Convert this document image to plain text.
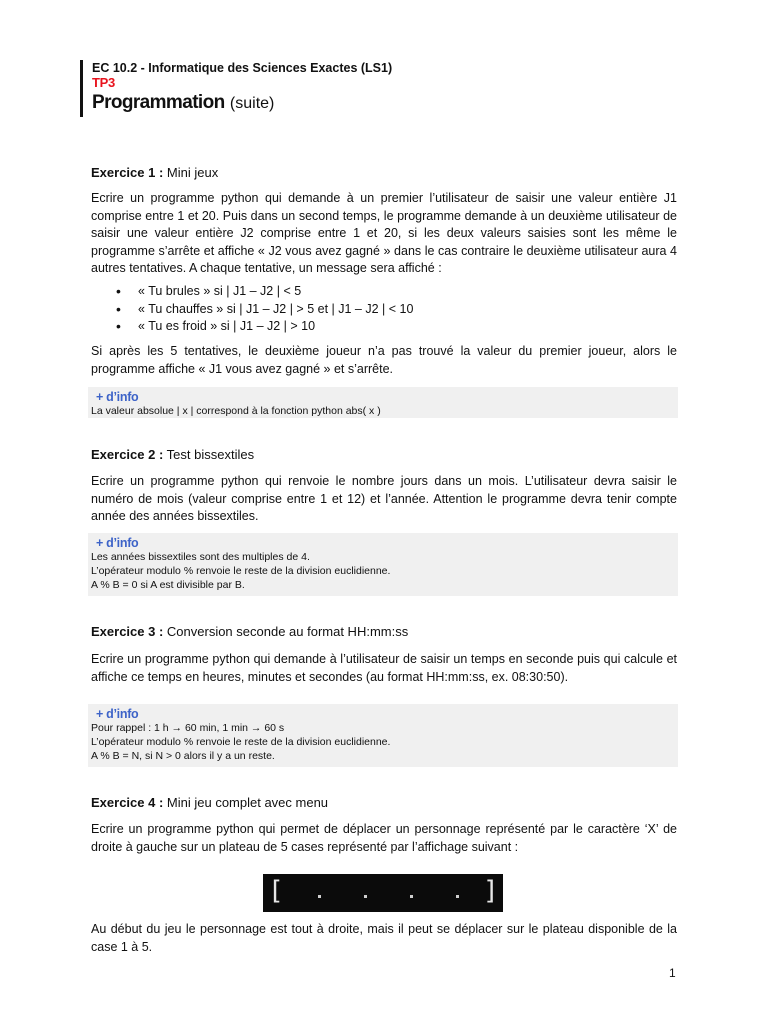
EC 10.2 - Informatique des Sciences Exactes (LS1)
TP3
Programmation (suite)
Exercice 1 : Mini jeux

Ecrire un programme python qui demande à un premier l’utilisateur de saisir une valeur entière J1 comprise entre 1 et 20. Puis dans un second temps, le programme demande à un deuxième utilisateur de saisir une valeur entière J2 comprise entre 1 et 20, si les deux valeurs saisies sont les même le programme s’arrête et affiche « J2 vous avez gagné » dans le cas contraire le deuxième utilisateur aura 4 autres tentatives. A chaque tentative, un message sera affiché :

• « Tu brules » si | J1 – J2 | < 5
• « Tu chauffes » si | J1 – J2 | > 5 et | J1 – J2 | < 10
• « Tu es froid » si | J1 – J2 | > 10

Si après les 5 tentatives, le deuxième joueur n’a pas trouvé la valeur du premier joueur, alors le programme affiche « J1 vous avez gagné » et s’arrête.

+ d’info
La valeur absolue | x | correspond à la fonction python abs( x )
Exercice 2 : Test bissextiles

Ecrire un programme python qui renvoie le nombre jours dans un mois. L’utilisateur devra saisir le numéro de mois (valeur comprise entre 1 et 12) et l’année. Attention le programme devra tenir compte année des années bissextiles.

+ d’info
Les années bissextiles sont des multiples de 4.
L’opérateur modulo % renvoie le reste de la division euclidienne.
A % B = 0 si A est divisible par B.
Exercice 3 : Conversion seconde au format HH:mm:ss

Ecrire un programme python qui demande à l’utilisateur de saisir un temps en seconde puis qui calcule et affiche ce temps en heures, minutes et secondes (au format HH:mm:ss, ex. 08:30:50).

+ d’info
Pour rappel : 1 h → 60 min, 1 min → 60 s
L’opérateur modulo % renvoie le reste de la division euclidienne.
A % B = N, si N > 0 alors il y a un reste.
Exercice 4 : Mini jeu complet avec menu

Ecrire un programme python qui permet de déplacer un personnage représenté par le caractère ‘X’ de droite à gauche sur un plateau de 5 cases représenté par l’affichage suivant :

[	]

Au début du jeu le personnage est tout à droite, mais il peut se déplacer sur le plateau disponible de la case 1 à 5.

1
